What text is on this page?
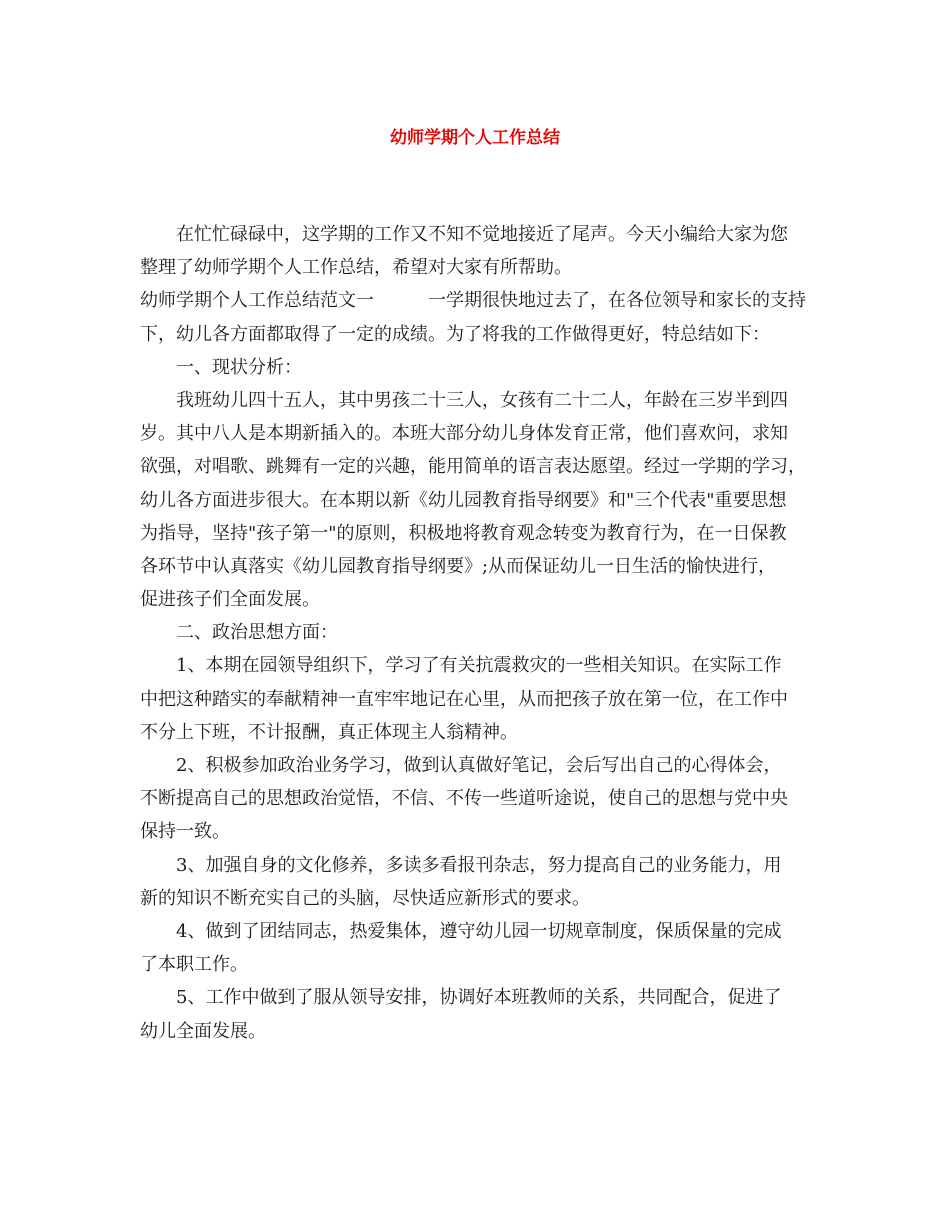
幼师学期个人工作总结
在忙忙碌碌中，这学期的工作又不知不觉地接近了尾声。今天小编给大家为您
整理了幼师学期个人工作总结，希望对大家有所帮助。
幼师学期个人工作总结范文一　　　一学期很快地过去了，在各位领导和家长的支持
下，幼儿各方面都取得了一定的成绩。为了将我的工作做得更好，特总结如下：
一、现状分析：
我班幼儿四十五人，其中男孩二十三人，女孩有二十二人，年龄在三岁半到四
岁。其中八人是本期新插入的。本班大部分幼儿身体发育正常，他们喜欢问，求知
欲强，对唱歌、跳舞有一定的兴趣，能用简单的语言表达愿望。经过一学期的学习，
幼儿各方面进步很大。在本期以新《幼儿园教育指导纲要》和"三个代表"重要思想
为指导，坚持"孩子第一"的原则，积极地将教育观念转变为教育行为，在一日保教
各环节中认真落实《幼儿园教育指导纲要》;从而保证幼儿一日生活的愉快进行，
促进孩子们全面发展。
二、政治思想方面：
1、本期在园领导组织下，学习了有关抗震救灾的一些相关知识。在实际工作
中把这种踏实的奉献精神一直牢牢地记在心里，从而把孩子放在第一位，在工作中
不分上下班，不计报酬，真正体现主人翁精神。
2、积极参加政治业务学习，做到认真做好笔记，会后写出自己的心得体会，
不断提高自己的思想政治觉悟，不信、不传一些道听途说，使自己的思想与党中央
保持一致。
3、加强自身的文化修养，多读多看报刊杂志，努力提高自己的业务能力，用
新的知识不断充实自己的头脑，尽快适应新形式的要求。
4、做到了团结同志，热爱集体，遵守幼儿园一切规章制度，保质保量的完成
了本职工作。
5、工作中做到了服从领导安排，协调好本班教师的关系，共同配合，促进了
幼儿全面发展。
